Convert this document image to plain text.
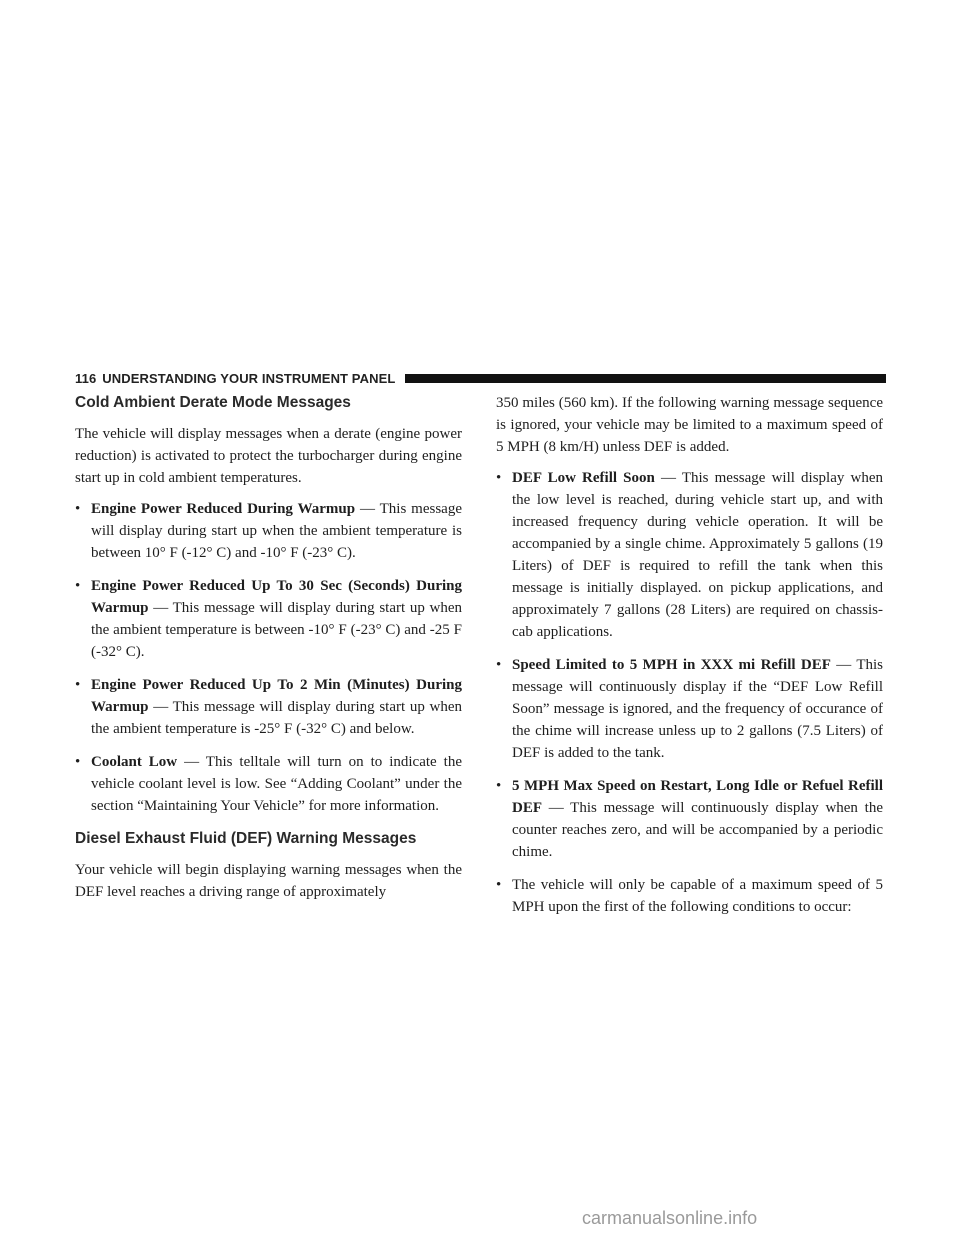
116 UNDERSTANDING YOUR INSTRUMENT PANEL
Cold Ambient Derate Mode Messages

The vehicle will display messages when a derate (engine power reduction) is activated to protect the turbocharger during engine start up in cold ambient temperatures.

• Engine Power Reduced During Warmup — This message will display during start up when the ambient temperature is between 10° F (-12° C) and -10° F (-23° C).
• Engine Power Reduced Up To 30 Sec (Seconds) During Warmup — This message will display during start up when the ambient temperature is between -10° F (-23° C) and -25 F (-32° C).
• Engine Power Reduced Up To 2 Min (Minutes) During Warmup — This message will display during start up when the ambient temperature is -25° F (-32° C) and below.
• Coolant Low — This telltale will turn on to indicate the vehicle coolant level is low. See “Adding Coolant” under the section “Maintaining Your Vehicle” for more information.
Diesel Exhaust Fluid (DEF) Warning Messages

Your vehicle will begin displaying warning messages when the DEF level reaches a driving range of approximately

350 miles (560 km). If the following warning message sequence is ignored, your vehicle may be limited to a maximum speed of 5 MPH (8 km/H) unless DEF is added.

• DEF Low Refill Soon — This message will display when the low level is reached, during vehicle start up, and with increased frequency during vehicle operation. It will be accompanied by a single chime. Approximately 5 gallons (19 Liters) of DEF is required to refill the tank when this message is initially displayed. on pickup applications, and approximately 7 gallons (28 Liters) are required on chassis-cab applications.
• Speed Limited to 5 MPH in XXX mi Refill DEF — This message will continuously display if the “DEF Low Refill Soon” message is ignored, and the frequency of occurance of the chime will increase unless up to 2 gallons (7.5 Liters) of DEF is added to the tank.
• 5 MPH Max Speed on Restart, Long Idle or Refuel Refill DEF — This message will continuously display when the counter reaches zero, and will be accompanied by a periodic chime.
• The vehicle will only be capable of a maximum speed of 5 MPH upon the first of the following conditions to occur:
carmanualsonline.info
